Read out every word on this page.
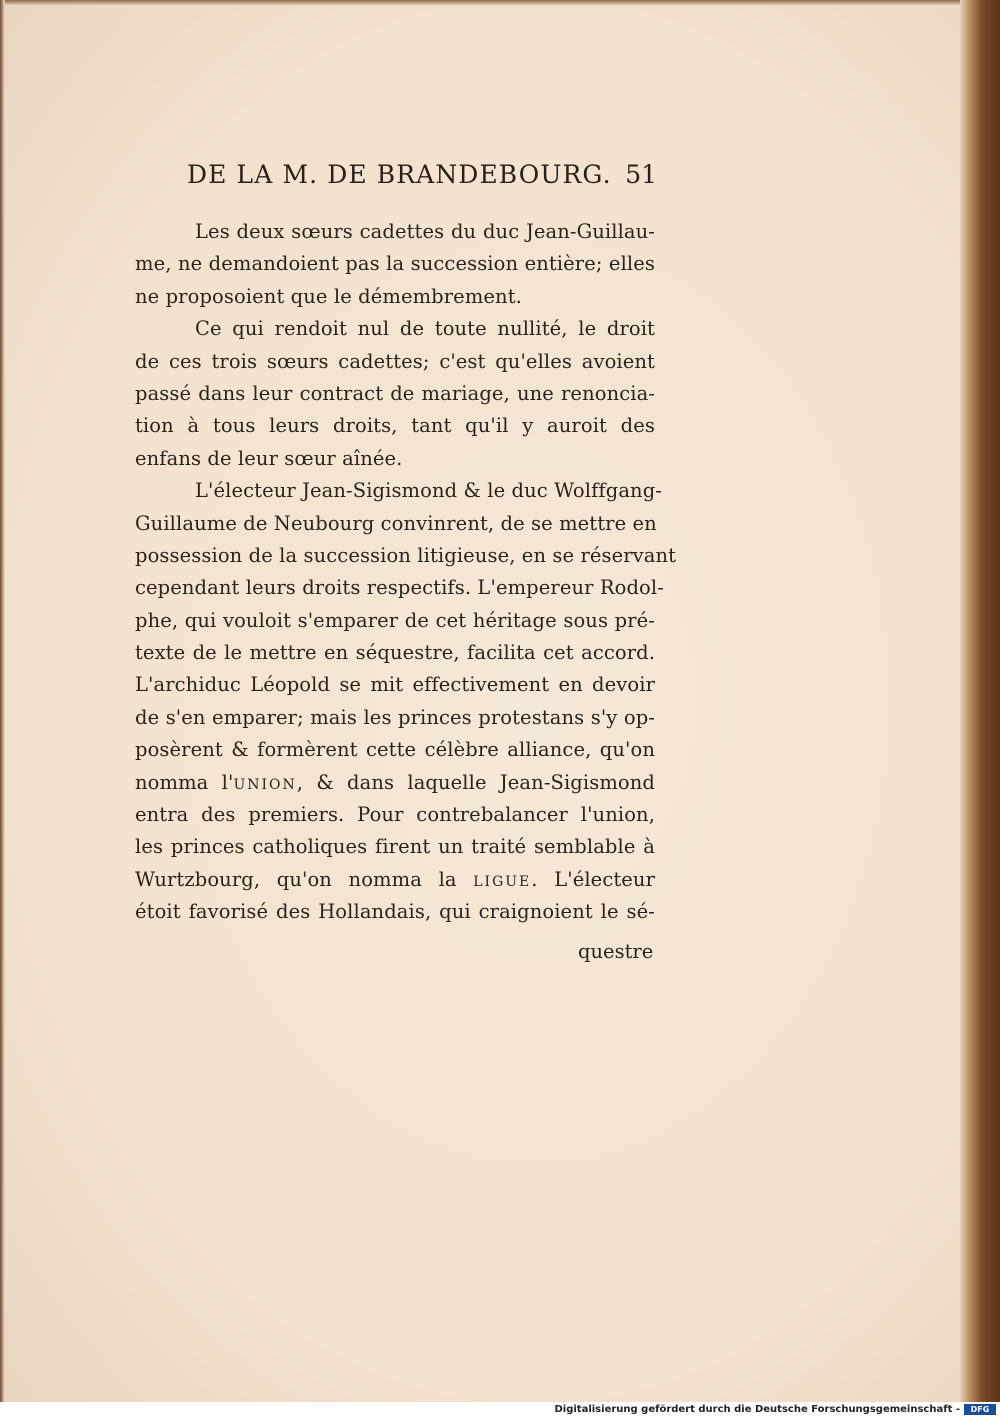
DE LA M. DE BRANDEBOURG. 51
Les deux sœurs cadettes du duc Jean-Guillau-
me, ne demandoient pas la succession entière; elles
ne proposoient que le démembrement.
Ce qui rendoit nul de toute nullité, le droit
de ces trois sœurs cadettes; c'est qu'elles avoient
passé dans leur contract de mariage, une renoncia-
tion à tous leurs droits, tant qu'il y auroit des
enfans de leur sœur aînée.
L'électeur Jean-Sigismond & le duc Wolffgang-
Guillaume de Neubourg convinrent, de se mettre en
possession de la succession litigieuse, en se réservant
cependant leurs droits respectifs. L'empereur Rodol-
phe, qui vouloit s'emparer de cet héritage sous pré-
texte de le mettre en séquestre, facilita cet accord.
L'archiduc Léopold se mit effectivement en devoir
de s'en emparer; mais les princes protestans s'y op-
posèrent & formèrent cette célèbre alliance, qu'on
nomma l'UNION, & dans laquelle Jean-Sigismond
entra des premiers. Pour contrebalancer l'union,
les princes catholiques firent un traité semblable à
Wurtzbourg, qu'on nomma la LIGUE. L'électeur
étoit favorisé des Hollandais, qui craignoient le sé-
questre
Digitalisierung gefördert durch die Deutsche Forschungsgemeinschaft -	DFG
